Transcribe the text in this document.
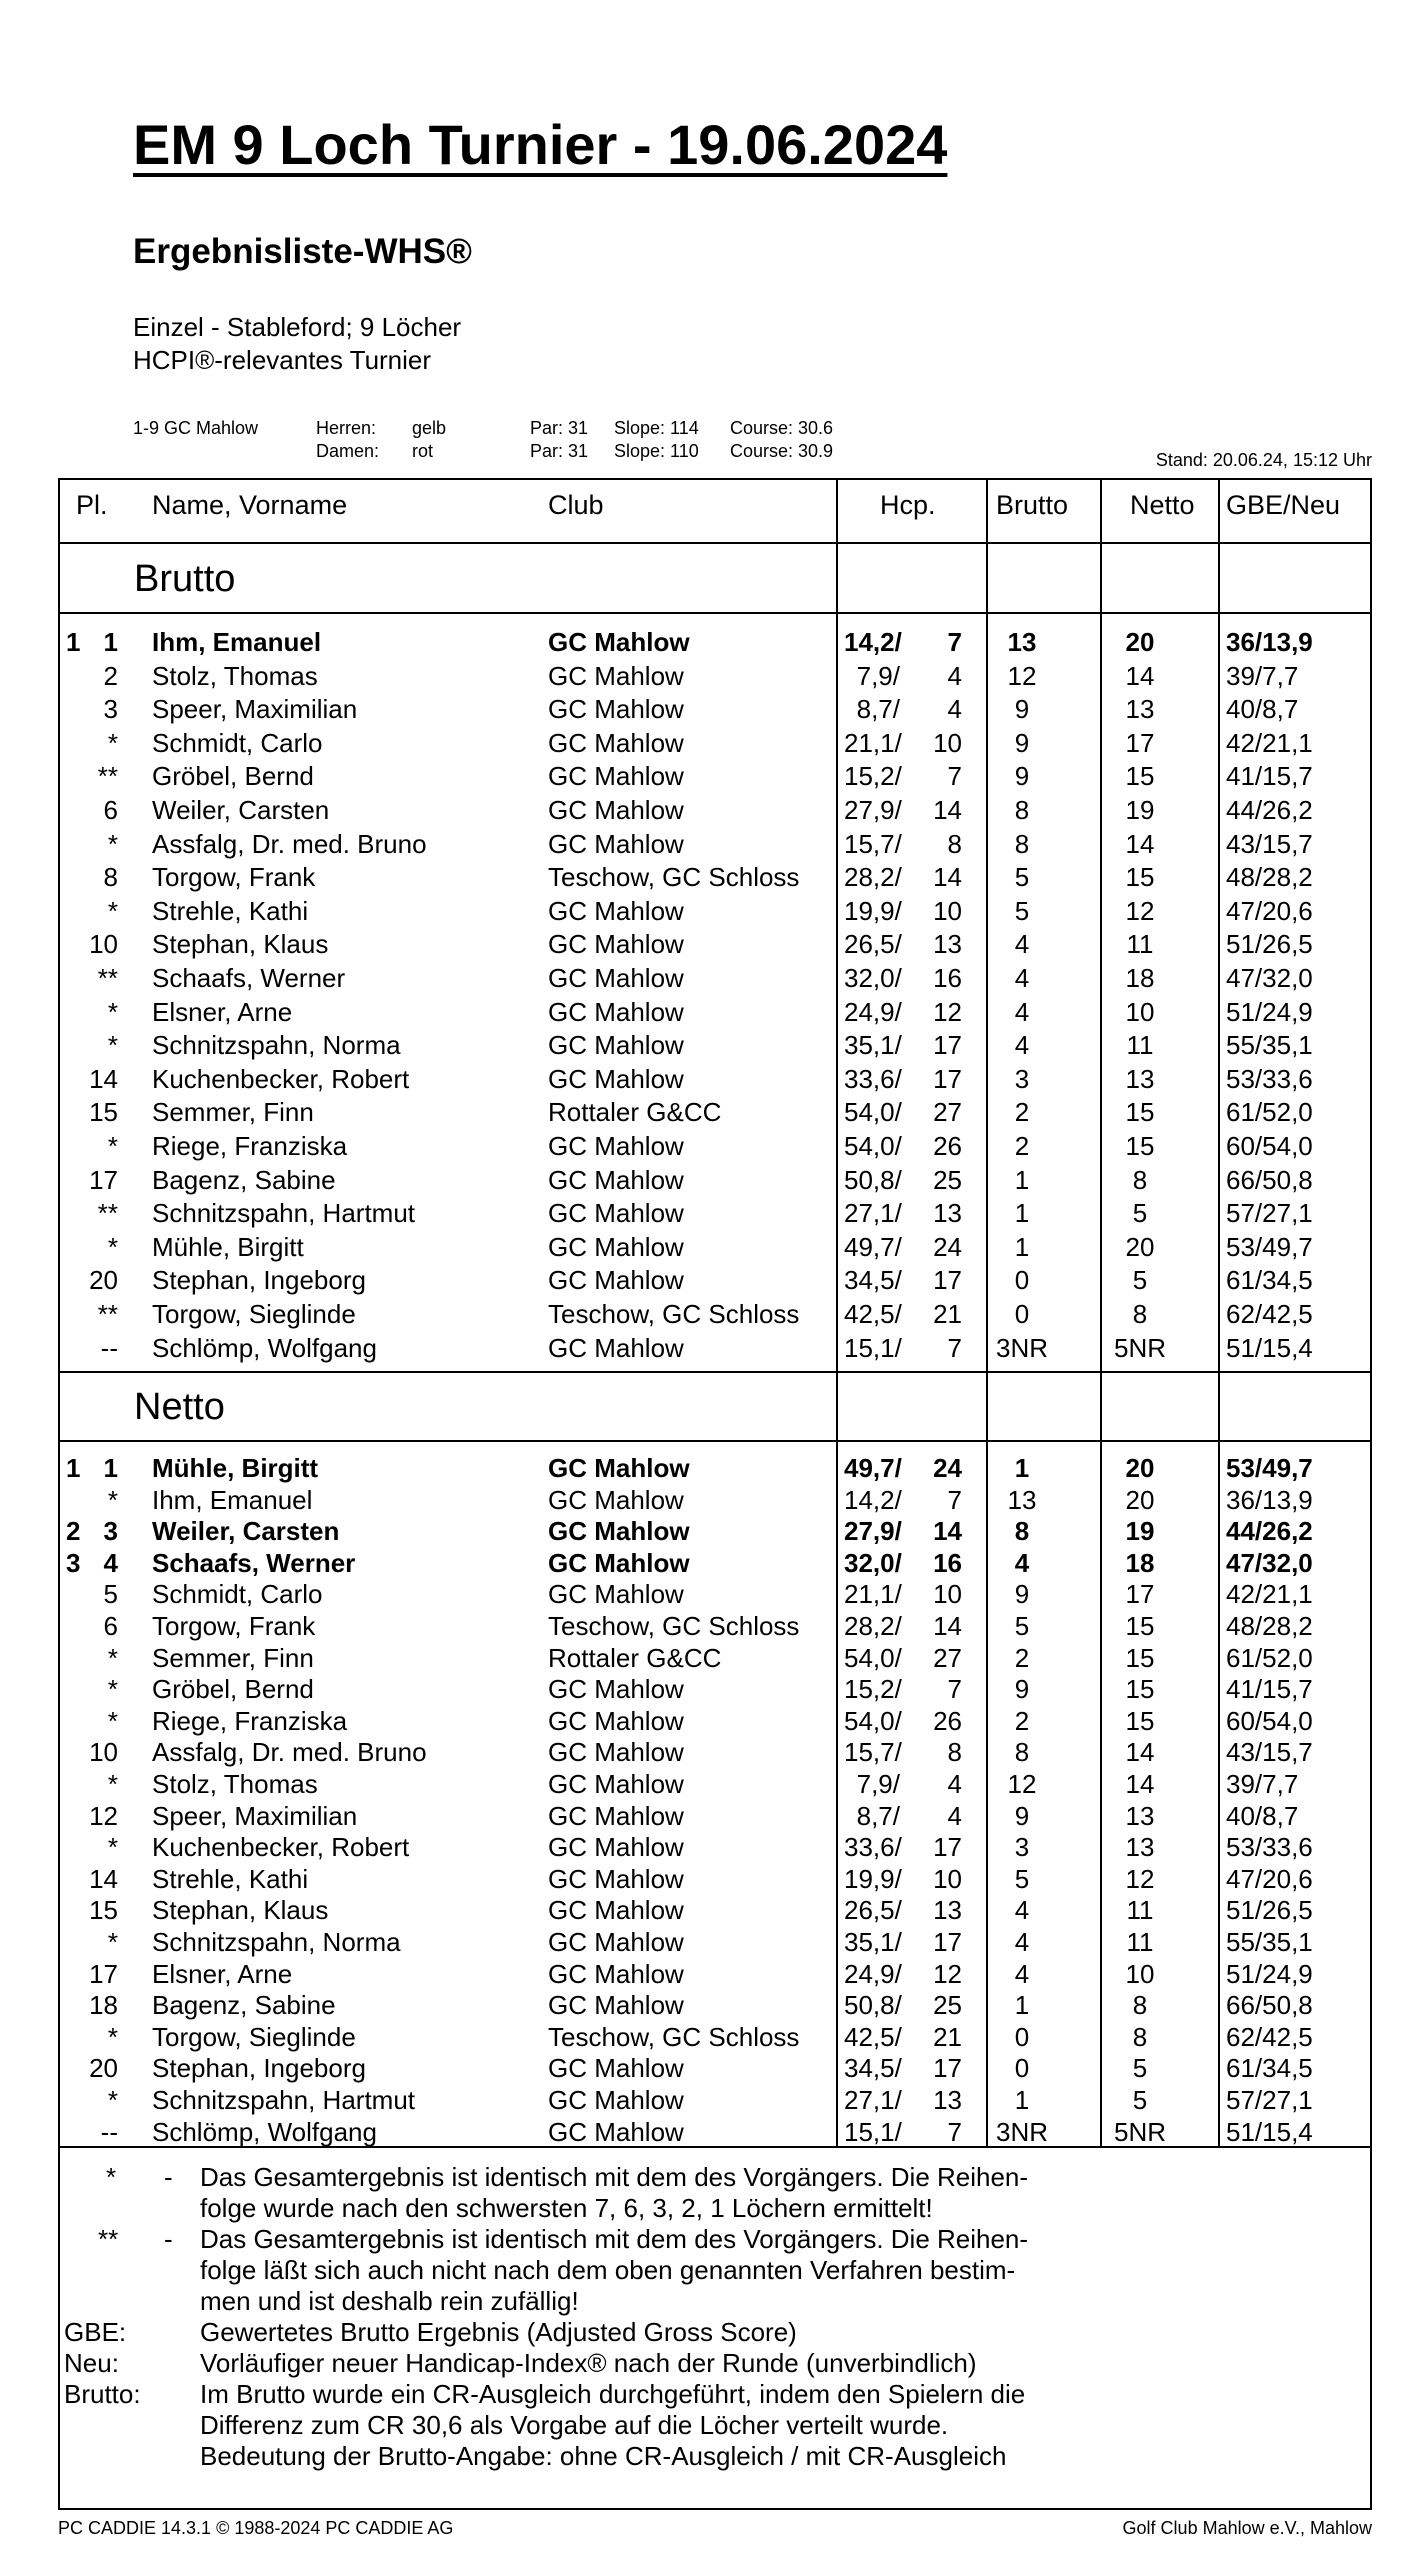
EM 9 Loch Turnier - 19.06.2024
Ergebnisliste-WHS®
Einzel - Stableford; 9 Löcher
HCPI®-relevantes Turnier
1-9 GC Mahlow	Herren: gelb	Par: 31 Slope: 114 Course: 30.6
Damen: rot	Par: 31 Slope: 110 Course: 30.9	Stand: 20.06.24, 15:12 Uhr
Pl. Name, Vorname	Club	Hcp. Brutto Netto GBE/Neu
Brutto
1 1 Ihm, Emanuel	GC Mahlow	14,2/	7	13	20	36/13,9
2 Stolz, Thomas	GC Mahlow	7,9/	4	12	14	39/7,7
3 Speer, Maximilian	GC Mahlow	8,7/	4	9	13	40/8,7
* Schmidt, Carlo	GC Mahlow	21,1/	10	9	17	42/21,1
** Gröbel, Bernd	GC Mahlow	15,2/	7	9	15	41/15,7
6 Weiler, Carsten	GC Mahlow	27,9/	14	8	19	44/26,2
* Assfalg, Dr. med. Bruno	GC Mahlow	15,7/	8	8	14	43/15,7
8 Torgow, Frank	Teschow, GC Schloss 28,2/	14	5	15	48/28,2
* Strehle, Kathi	GC Mahlow	19,9/	10	5	12	47/20,6
10 Stephan, Klaus	GC Mahlow	26,5/	13	4	11	51/26,5
** Schaafs, Werner	GC Mahlow	32,0/	16	4	18	47/32,0
* Elsner, Arne	GC Mahlow	24,9/	12	4	10	51/24,9
* Schnitzspahn, Norma	GC Mahlow	35,1/	17	4	11	55/35,1
14 Kuchenbecker, Robert	GC Mahlow	33,6/	17	3	13	53/33,6
15 Semmer, Finn	Rottaler G&CC	54,0/	27	2	15	61/52,0
* Riege, Franziska	GC Mahlow	54,0/	26	2	15	60/54,0
17 Bagenz, Sabine	GC Mahlow	50,8/	25	1	8	66/50,8
** Schnitzspahn, Hartmut	GC Mahlow	27,1/	13	1	5	57/27,1
* Mühle, Birgitt	GC Mahlow	49,7/	24	1	20	53/49,7
20 Stephan, Ingeborg	GC Mahlow	34,5/	17	0	5	61/34,5
** Torgow, Sieglinde	Teschow, GC Schloss 42,5/	21	0	8	62/42,5
-- Schlömp, Wolfgang	GC Mahlow	15,1/	7	3NR	5NR	51/15,4
Netto
1 1 Mühle, Birgitt	GC Mahlow	49,7/	24	1	20	53/49,7
* Ihm, Emanuel	GC Mahlow	14,2/	7	13	20	36/13,9
2 3 Weiler, Carsten	GC Mahlow	27,9/	14	8	19	44/26,2
3 4 Schaafs, Werner	GC Mahlow	32,0/	16	4	18	47/32,0
5 Schmidt, Carlo	GC Mahlow	21,1/	10	9	17	42/21,1
6 Torgow, Frank	Teschow, GC Schloss 28,2/	14	5	15	48/28,2
* Semmer, Finn	Rottaler G&CC	54,0/	27	2	15	61/52,0
* Gröbel, Bernd	GC Mahlow	15,2/	7	9	15	41/15,7
* Riege, Franziska	GC Mahlow	54,0/	26	2	15	60/54,0
10 Assfalg, Dr. med. Bruno	GC Mahlow	15,7/	8	8	14	43/15,7
* Stolz, Thomas	GC Mahlow	7,9/	4	12	14	39/7,7
12 Speer, Maximilian	GC Mahlow	8,7/	4	9	13	40/8,7
* Kuchenbecker, Robert	GC Mahlow	33,6/	17	3	13	53/33,6
14 Strehle, Kathi	GC Mahlow	19,9/	10	5	12	47/20,6
15 Stephan, Klaus	GC Mahlow	26,5/	13	4	11	51/26,5
* Schnitzspahn, Norma	GC Mahlow	35,1/	17	4	11	55/35,1
17 Elsner, Arne	GC Mahlow	24,9/	12	4	10	51/24,9
18 Bagenz, Sabine	GC Mahlow	50,8/	25	1	8	66/50,8
* Torgow, Sieglinde	Teschow, GC Schloss 42,5/	21	0	8	62/42,5
20 Stephan, Ingeborg	GC Mahlow	34,5/	17	0	5	61/34,5
* Schnitzspahn, Hartmut	GC Mahlow	27,1/	13	1	5	57/27,1
-- Schlömp, Wolfgang	GC Mahlow	15,1/	7	3NR	5NR	51/15,4
* - Das Gesamtergebnis ist identisch mit dem des Vorgängers. Die Reihen-
folge wurde nach den schwersten 7, 6, 3, 2, 1 Löchern ermittelt!
** - Das Gesamtergebnis ist identisch mit dem des Vorgängers. Die Reihen-
folge läßt sich auch nicht nach dem oben genannten Verfahren bestim-
men und ist deshalb rein zufällig!
GBE:	Gewertetes Brutto Ergebnis (Adjusted Gross Score)
Neu:	Vorläufiger neuer Handicap-Index® nach der Runde (unverbindlich)
Brutto: Im Brutto wurde ein CR-Ausgleich durchgeführt, indem den Spielern die
Differenz zum CR 30,6 als Vorgabe auf die Löcher verteilt wurde.
Bedeutung der Brutto-Angabe: ohne CR-Ausgleich / mit CR-Ausgleich
PC CADDIE 14.3.1 © 1988-2024 PC CADDIE AG	Golf Club Mahlow e.V., Mahlow
